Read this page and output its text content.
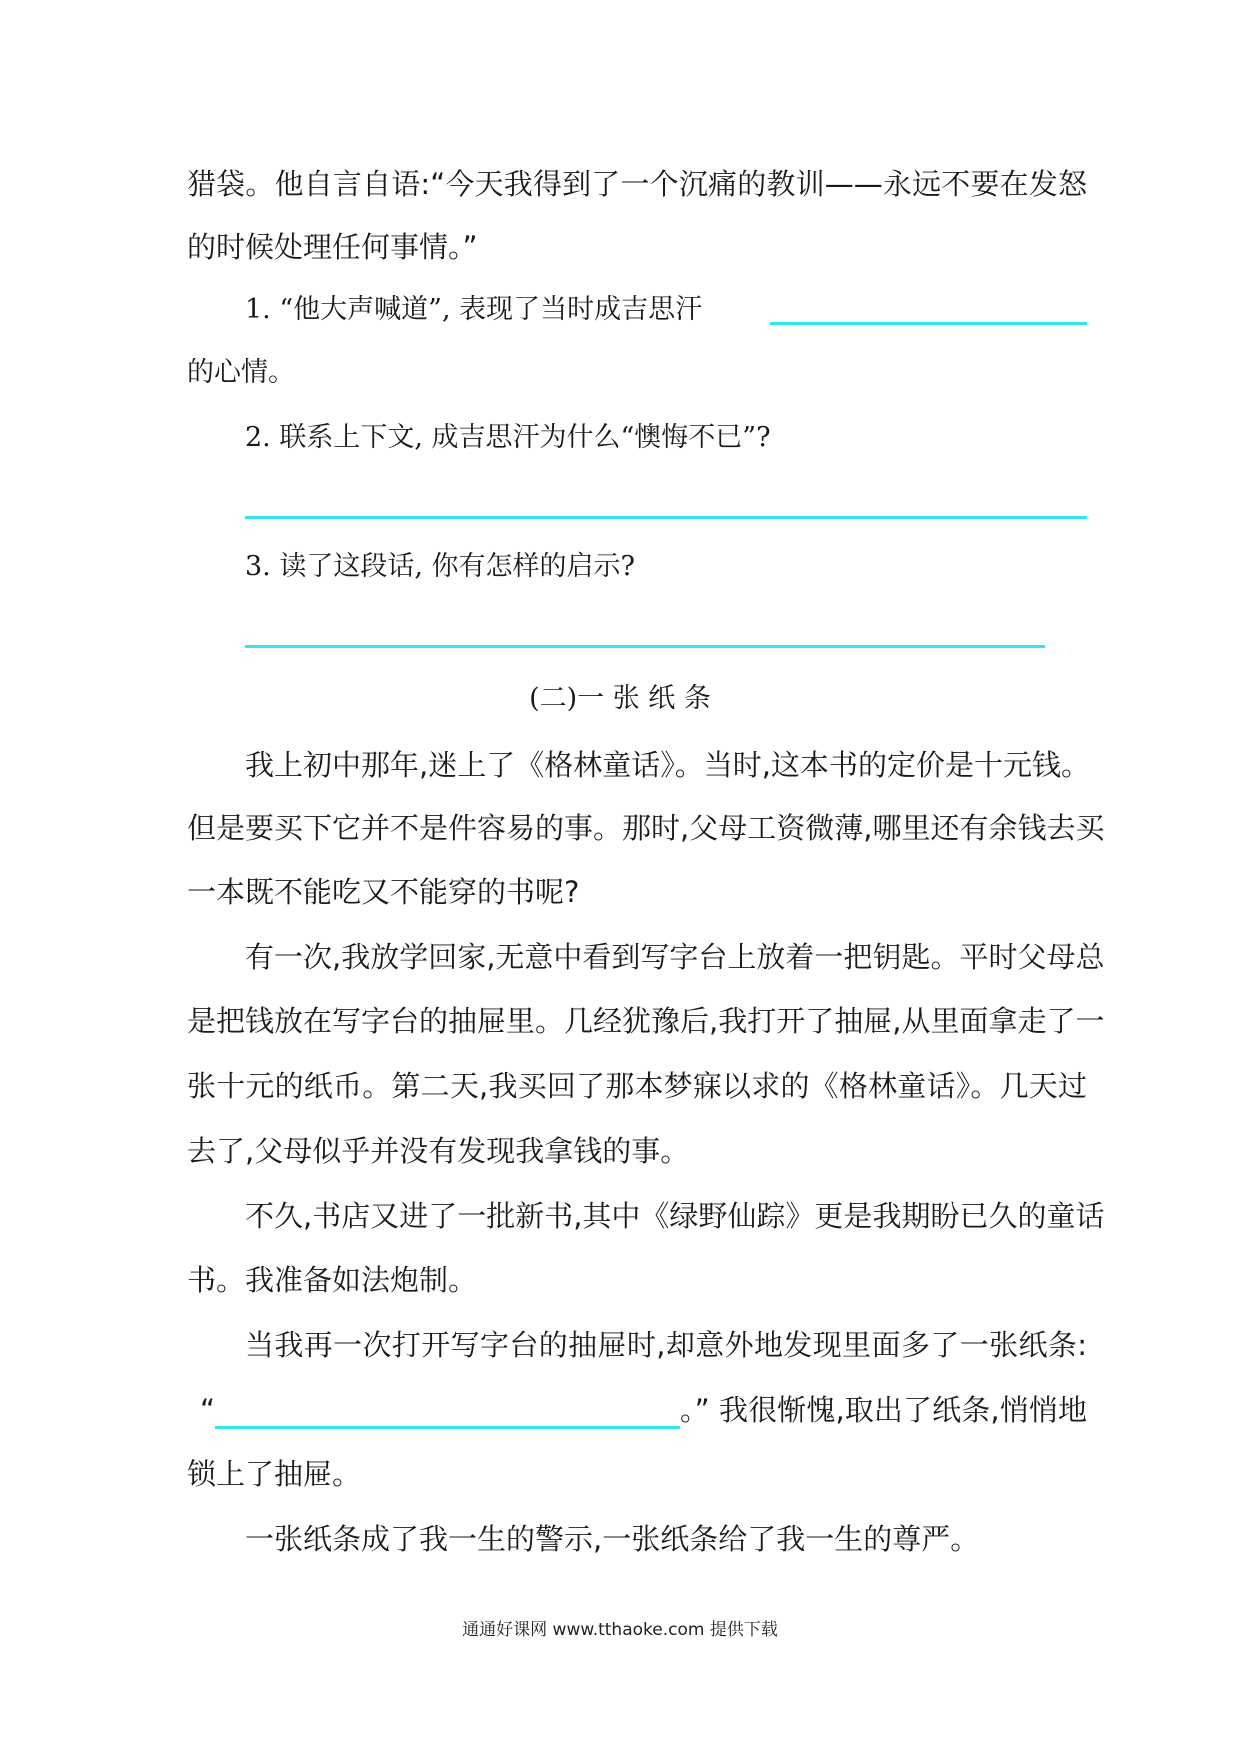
猎袋。他自言自语:“今天我得到了一个沉痛的教训——永远不要在发怒

的时候处理任何事情。”

1. “他大声喊道”, 表现了当时成吉思汗

的心情。

2. 联系上下文, 成吉思汗为什么“懊悔不已”?

3. 读了这段话, 你有怎样的启示?

(二)一 张 纸 条

我上初中那年,迷上了《格林童话》。当时,这本书的定价是十元钱。

但是要买下它并不是件容易的事。那时,父母工资微薄,哪里还有余钱去买

一本既不能吃又不能穿的书呢?

有一次,我放学回家,无意中看到写字台上放着一把钥匙。平时父母总

是把钱放在写字台的抽屉里。几经犹豫后,我打开了抽屉,从里面拿走了一

张十元的纸币。第二天,我买回了那本梦寐以求的《格林童话》。几天过

去了,父母似乎并没有发现我拿钱的事。

不久,书店又进了一批新书,其中《绿野仙踪》更是我期盼已久的童话

书。我准备如法炮制。

当我再一次打开写字台的抽屉时,却意外地发现里面多了一张纸条:

“	。” 我很惭愧,取出了纸条,悄悄地

锁上了抽屉。

一张纸条成了我一生的警示,一张纸条给了我一生的尊严。

通通好课网 www.tthaoke.com 提供下载
